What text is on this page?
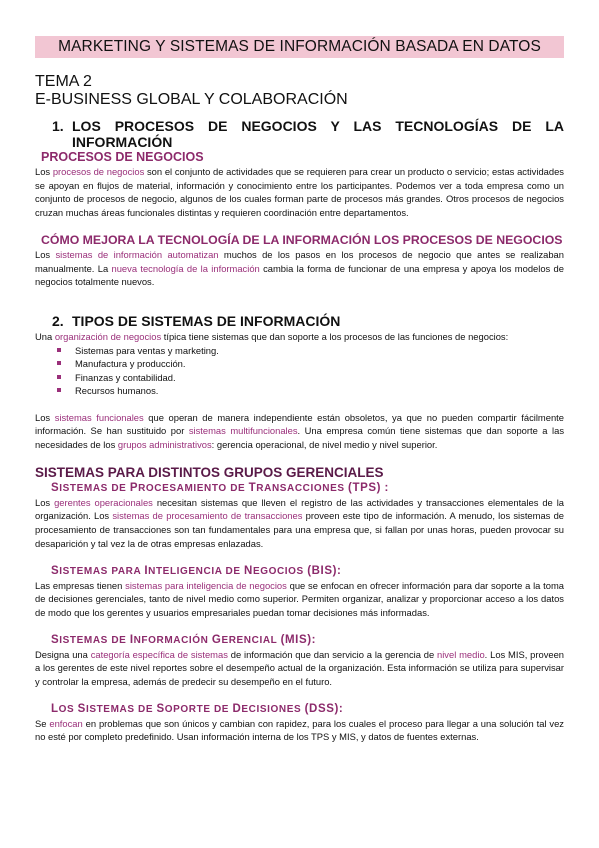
MARKETING Y SISTEMAS DE INFORMACIÓN BASADA EN DATOS
TEMA 2
E-BUSINESS GLOBAL Y COLABORACIÓN
1. LOS PROCESOS DE NEGOCIOS Y LAS TECNOLOGÍAS DE LA INFORMACIÓN
PROCESOS DE NEGOCIOS
Los procesos de negocios son el conjunto de actividades que se requieren para crear un producto o servicio; estas actividades se apoyan en flujos de material, información y conocimiento entre los participantes. Podemos ver a toda empresa como un conjunto de procesos de negocio, algunos de los cuales forman parte de procesos más grandes. Otros procesos de negocios cruzan muchas áreas funcionales distintas y requieren coordinación entre departamentos.
CÓMO MEJORA LA TECNOLOGÍA DE LA INFORMACIÓN LOS PROCESOS DE NEGOCIOS
Los sistemas de información automatizan muchos de los pasos en los procesos de negocio que antes se realizaban manualmente. La nueva tecnología de la información cambia la forma de funcionar de una empresa y apoya los modelos de negocios totalmente nuevos.
2. TIPOS DE SISTEMAS DE INFORMACIÓN
Una organización de negocios típica tiene sistemas que dan soporte a los procesos de las funciones de negocios:
Sistemas para ventas y marketing.
Manufactura y producción.
Finanzas y contabilidad.
Recursos humanos.
Los sistemas funcionales que operan de manera independiente están obsoletos, ya que no pueden compartir fácilmente información. Se han sustituido por sistemas multifuncionales. Una empresa común tiene sistemas que dan soporte a las necesidades de los grupos administrativos: gerencia operacional, de nivel medio y nivel superior.
SISTEMAS PARA DISTINTOS GRUPOS GERENCIALES
SISTEMAS DE PROCESAMIENTO DE TRANSACCIONES (TPS) :
Los gerentes operacionales necesitan sistemas que lleven el registro de las actividades y transacciones elementales de la organización. Los sistemas de procesamiento de transacciones proveen este tipo de información. A menudo, los sistemas de procesamiento de transacciones son tan fundamentales para una empresa que, si fallan por unas horas, pueden provocar su desaparición y tal vez la de otras empresas enlazadas.
SISTEMAS PARA INTELIGENCIA DE NEGOCIOS (BIS):
Las empresas tienen sistemas para inteligencia de negocios que se enfocan en ofrecer información para dar soporte a la toma de decisiones gerenciales, tanto de nivel medio como superior. Permiten organizar, analizar y proporcionar acceso a los datos de modo que los gerentes y usuarios empresariales puedan tomar decisiones más informadas.
SISTEMAS DE INFORMACIÓN GERENCIAL (MIS):
Designa una categoría específica de sistemas de información que dan servicio a la gerencia de nivel medio. Los MIS, proveen a los gerentes de este nivel reportes sobre el desempeño actual de la organización. Esta información se utiliza para supervisar y controlar la empresa, además de predecir su desempeño en el futuro.
LOS SISTEMAS DE SOPORTE DE DECISIONES (DSS):
Se enfocan en problemas que son únicos y cambian con rapidez, para los cuales el proceso para llegar a una solución tal vez no esté por completo predefinido. Usan información interna de los TPS y MIS, y datos de fuentes externas.
